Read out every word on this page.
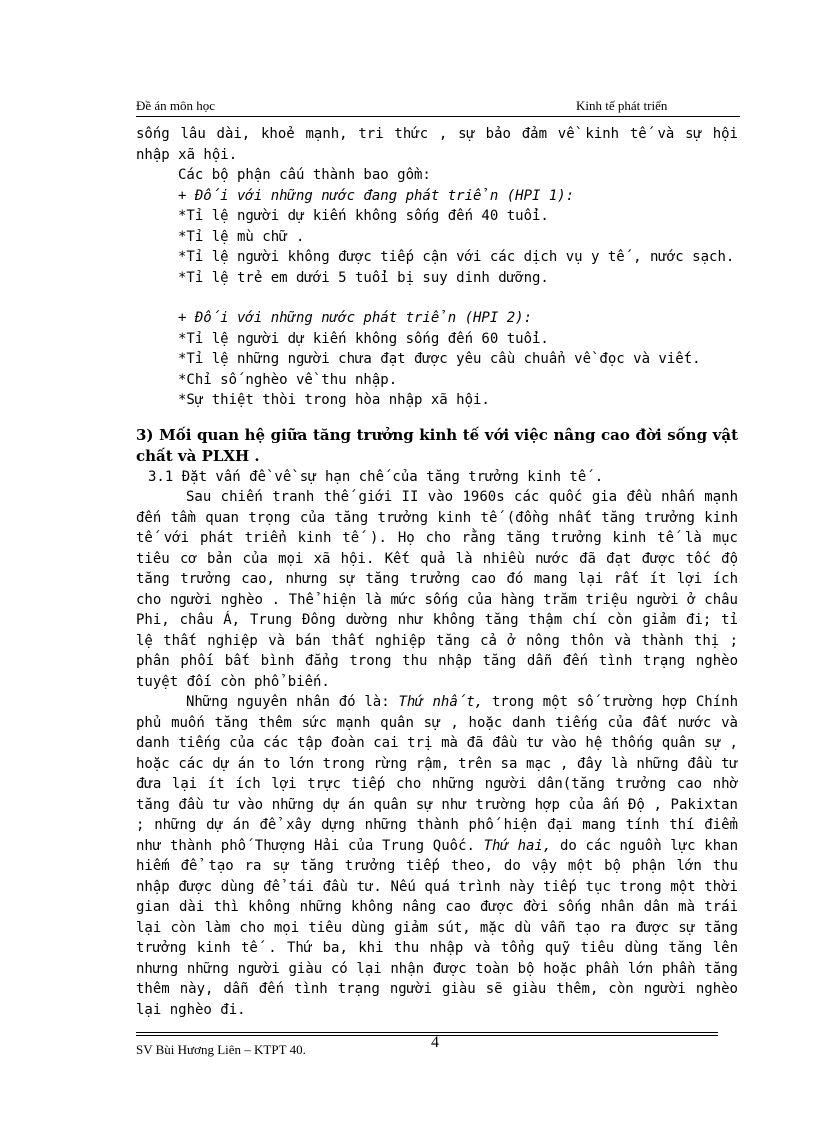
Đề án môn học	Kinh tế phát triển

sống lâu dài, khoẻ mạnh, tri thức , sự bảo đảm về kinh tế và sự hội nhập xã hội.

Các bộ phận cấu thành bao gồm:

+ Đối với những nước đang phát triển (HPI 1):

*Tỉ lệ người dự kiến không sống đến 40 tuổi.

*Tỉ lệ mù chữ .

*Tỉ lệ người không được tiếp cận với các dịch vụ y tế , nước sạch.

*Tỉ lệ trẻ em dưới 5 tuổi bị suy dinh dưỡng.

+ Đối với những nước phát triển (HPI 2):

*Tỉ lệ người dự kiến không sống đến 60 tuổi.

*Tỉ lệ những người chưa đạt được yêu cầu chuẩn về đọc và viết.

*Chỉ số nghèo về thu nhập.

*Sự thiệt thòi trong hòa nhập xã hội.

3) Mối quan hệ giữa tăng trưởng kinh tế với việc nâng cao đời sống vật chất và PLXH .

3.1 Đặt vấn đề về sự hạn chế của tăng trưởng kinh tế .

Sau chiến tranh thế giới II vào 1960s các quốc gia đều nhấn mạnh đến tầm quan trọng của tăng trưởng kinh tế (đồng nhất tăng trưởng kinh tế với phát triển kinh tế ). Họ cho rằng tăng trưởng kinh tế là mục tiêu cơ bản của mọi xã hội. Kết quả là nhiều nước đã đạt được tốc độ tăng trưởng cao, nhưng sự tăng trưởng cao đó mang lại rất ít lợi ích cho người nghèo . Thể hiện là mức sống của hàng trăm triệu người ở châu Phi, châu Á, Trung Đông dường như không tăng thậm chí còn giảm đi; tỉ lệ thất nghiệp và bán thất nghiệp tăng cả ở nông thôn và thành thị ; phân phối bất bình đẳng trong thu nhập tăng dẫn đến tình trạng nghèo tuyệt đối còn phổ biến.

Những nguyên nhân đó là: Thứ nhất, trong một số trường hợp Chính phủ muốn tăng thêm sức mạnh quân sự , hoặc danh tiếng của đất nước và danh tiếng của các tập đoàn cai trị mà đã đầu tư vào hệ thống quân sự , hoặc các dự án to lớn trong rừng rậm, trên sa mạc , đây là những đầu tư đưa lại ít ích lợi trực tiếp cho những người dân(tăng trưởng cao nhờ tăng đầu tư vào những dự án quân sự như trường hợp của ấn Độ , Pakixtan ; những dự án để xây dựng những thành phố hiện đại mang tính thí điểm như thành phố Thượng Hải của Trung Quốc. Thứ hai, do các nguồn lực khan hiếm để tạo ra sự tăng trưởng tiếp theo, do vậy một bộ phận lớn thu nhập được dùng để tái đầu tư. Nếu quá trình này tiếp tục trong một thời gian dài thì không những không nâng cao được đời sống nhân dân mà trái lại còn làm cho mọi tiêu dùng giảm sút, mặc dù vẫn tạo ra được sự tăng trưởng kinh tế . Thứ ba, khi thu nhập và tổng quỹ tiêu dùng tăng lên nhưng những người giàu có lại nhận được toàn bộ hoặc phần lớn phần tăng thêm này, dẫn đến tình trạng người giàu sẽ giàu thêm, còn người nghèo lại nghèo đi.

SV Bùi Hương Liên – KTPT 40.	4
